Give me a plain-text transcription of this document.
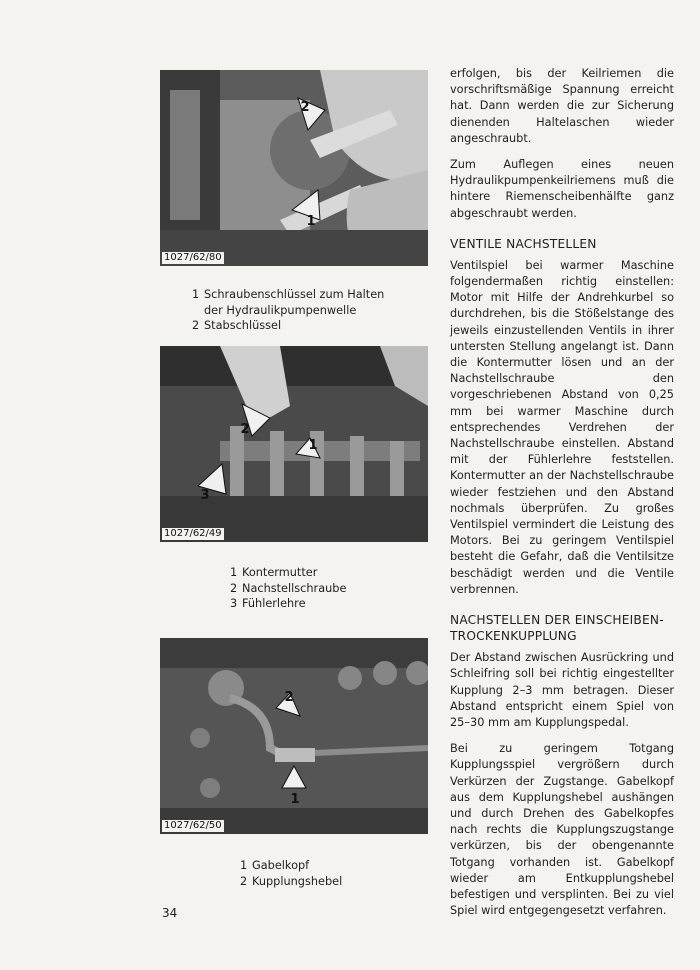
2
1
1027/62/80
1 Schraubenschlüssel zum Halten
der Hydraulikpumpenwelle
2 Stabschlüssel
2
1
3
1027/62/49
1 Kontermutter
2 Nachstellschraube
3 Fühlerlehre
2
1
1027/62/50
1 Gabelkopf
2 Kupplungshebel

erfolgen, bis der Keilriemen die vorschriftsmäßige Spannung erreicht hat. Dann werden die zur Sicherung dienenden Haltelaschen wieder angeschraubt.

Zum Auflegen eines neuen Hydraulikpumpenkeilriemens muß die hintere Riemenscheibenhälfte ganz abgeschraubt werden.

VENTILE NACHSTELLEN

Ventilspiel bei warmer Maschine folgendermaßen richtig einstellen: Motor mit Hilfe der Andrehkurbel so durchdrehen, bis die Stößelstange des jeweils einzustellenden Ventils in ihrer untersten Stellung angelangt ist. Dann die Kontermutter lösen und an der Nachstellschraube den vorgeschriebenen Abstand von 0,25 mm bei warmer Maschine durch entsprechendes Verdrehen der Nachstellschraube einstellen. Abstand mit der Fühlerlehre feststellen. Kontermutter an der Nachstellschraube wieder festziehen und den Abstand nochmals überprüfen. Zu großes Ventilspiel vermindert die Leistung des Motors. Bei zu geringem Ventilspiel besteht die Gefahr, daß die Ventilsitze beschädigt werden und die Ventile verbrennen.

NACHSTELLEN DER EINSCHEIBEN-TROCKENKUPPLUNG

Der Abstand zwischen Ausrückring und Schleifring soll bei richtig eingestellter Kupplung 2–3 mm betragen. Dieser Abstand entspricht einem Spiel von 25–30 mm am Kupplungspedal.

Bei zu geringem Totgang Kupplungsspiel vergrößern durch Verkürzen der Zugstange. Gabelkopf aus dem Kupplungshebel aushängen und durch Drehen des Gabelkopfes nach rechts die Kupplungszugstange verkürzen, bis der obengenannte Totgang vorhanden ist. Gabelkopf wieder am Entkupplungshebel befestigen und versplinten. Bei zu viel Spiel wird entgegengesetzt verfahren.

34
